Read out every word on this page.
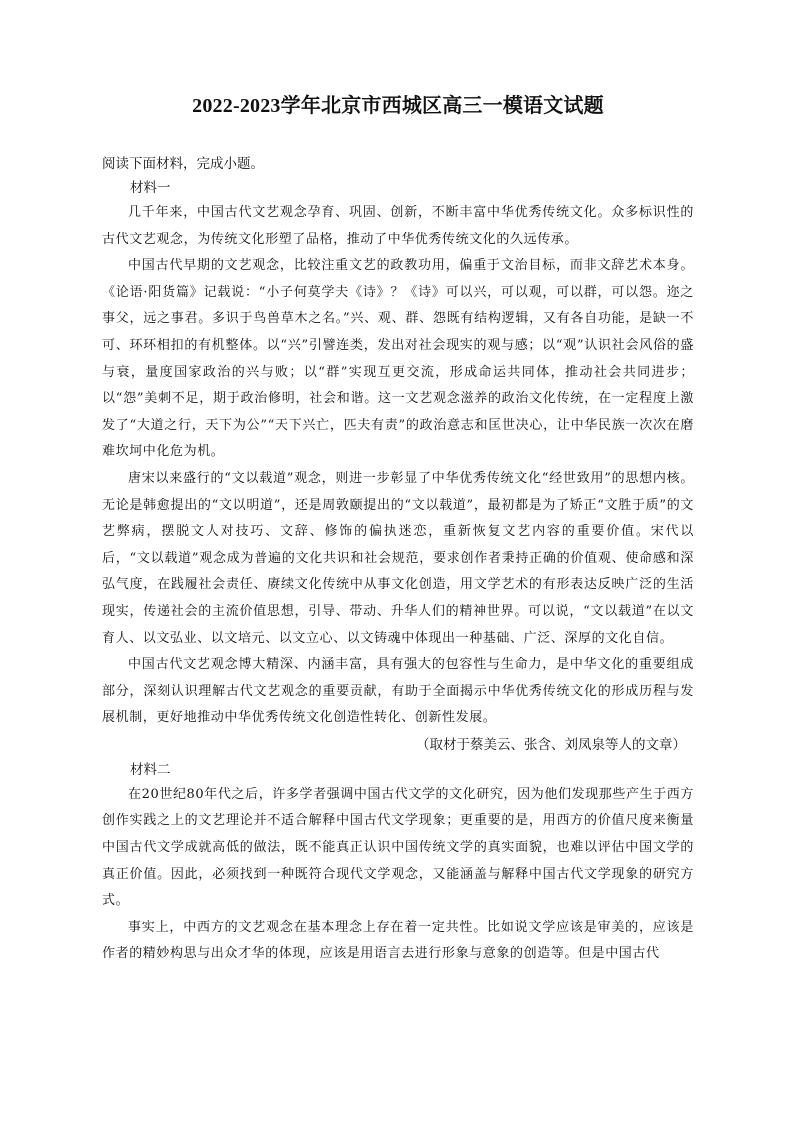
2022-2023学年北京市西城区高三一模语文试题

阅读下面材料，完成小题。

材料一

几千年来，中国古代文艺观念孕育、巩固、创新，不断丰富中华优秀传统文化。众多标识性的古代文艺观念，为传统文化形塑了品格，推动了中华优秀传统文化的久远传承。

中国古代早期的文艺观念，比较注重文艺的政教功用，偏重于文治目标，而非文辞艺术本身。《论语·阳货篇》记载说：“小子何莫学夫《诗》？《诗》可以兴，可以观，可以群，可以怨。迩之事父，远之事君。多识于鸟兽草木之名。”兴、观、群、怨既有结构逻辑，又有各自功能，是缺一不可、环环相扣的有机整体。以“兴”引譬连类，发出对社会现实的观与感；以“观”认识社会风俗的盛与衰，量度国家政治的兴与败；以“群”实现互更交流，形成命运共同体，推动社会共同进步；以“怨”美刺不足，期于政治修明，社会和谐。这一文艺观念滋养的政治文化传统，在一定程度上激发了“大道之行，天下为公”“天下兴亡，匹夫有责”的政治意志和匡世决心，让中华民族一次次在磨难坎坷中化危为机。

唐宋以来盛行的“文以载道”观念，则进一步彰显了中华优秀传统文化“经世致用”的思想内核。无论是韩愈提出的“文以明道”，还是周敦颐提出的“文以载道”，最初都是为了矫正“文胜于质”的文艺弊病，摆脱文人对技巧、文辞、修饰的偏执迷恋，重新恢复文艺内容的重要价值。宋代以后，“文以载道”观念成为普遍的文化共识和社会规范，要求创作者秉持正确的价值观、使命感和深弘气度，在践履社会责任、赓续文化传统中从事文化创造，用文学艺术的有形表达反映广泛的生活现实，传递社会的主流价值思想，引导、带动、升华人们的精神世界。可以说，“文以载道”在以文育人、以文弘业、以文培元、以文立心、以文铸魂中体现出一种基础、广泛、深厚的文化自信。

中国古代文艺观念博大精深、内涵丰富，具有强大的包容性与生命力，是中华文化的重要组成部分，深刻认识理解古代文艺观念的重要贡献，有助于全面揭示中华优秀传统文化的形成历程与发展机制，更好地推动中华优秀传统文化创造性转化、创新性发展。

（取材于蔡美云、张含、刘凤泉等人的文章）

材料二

在20世纪80年代之后，许多学者强调中国古代文学的文化研究，因为他们发现那些产生于西方创作实践之上的文艺理论并不适合解释中国古代文学现象；更重要的是，用西方的价值尺度来衡量中国古代文学成就高低的做法，既不能真正认识中国传统文学的真实面貌，也难以评估中国文学的真正价值。因此，必须找到一种既符合现代文学观念，又能涵盖与解释中国古代文学现象的研究方式。

事实上，中西方的文艺观念在基本理念上存在着一定共性。比如说文学应该是审美的，应该是作者的精妙构思与出众才华的体现，应该是用语言去进行形象与意象的创造等。但是中国古代
